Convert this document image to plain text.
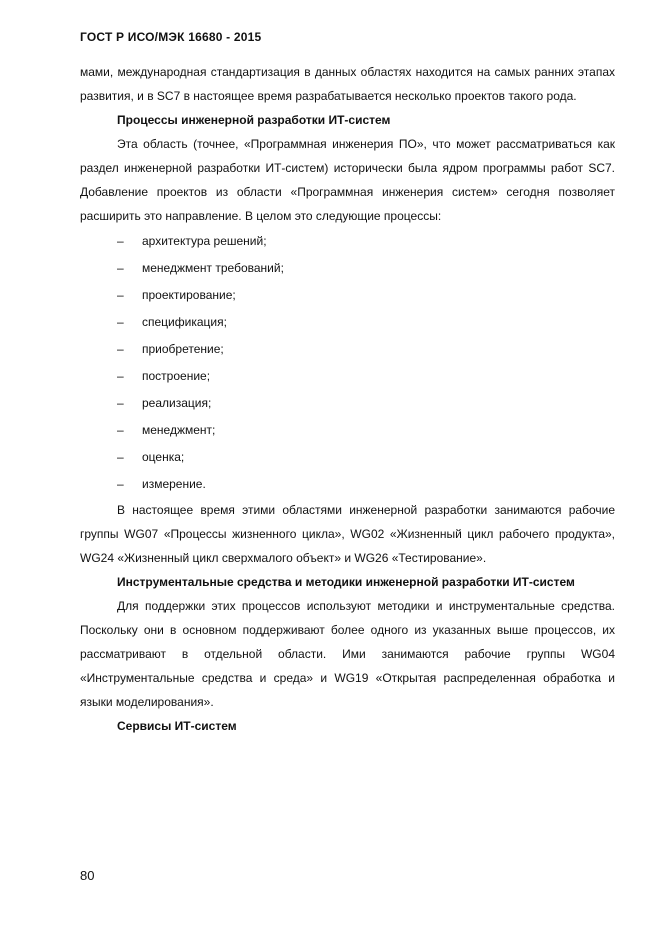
ГОСТ Р ИСО/МЭК 16680 - 2015

мами, международная стандартизация в данных областях находится на самых ранних этапах развития, и в SC7 в настоящее время разрабатывается несколько проектов такого рода.

Процессы инженерной разработки ИТ-систем

Эта область (точнее, «Программная инженерия ПО», что может рассматриваться как раздел инженерной разработки ИТ-систем) исторически была ядром программы работ SC7. Добавление проектов из области «Программная инженерия систем» сегодня позволяет расширить это направление. В целом это следующие процессы:

– архитектура решений;
– менеджмент требований;
– проектирование;
– спецификация;
– приобретение;
– построение;
– реализация;
– менеджмент;
– оценка;
– измерение.

В настоящее время этими областями инженерной разработки занимаются рабочие группы WG07 «Процессы жизненного цикла», WG02 «Жизненный цикл рабочего продукта», WG24 «Жизненный цикл сверхмалого объект» и WG26 «Тестирование».

Инструментальные средства и методики инженерной разработки ИТ-систем

Для поддержки этих процессов используют методики и инструментальные средства. Поскольку они в основном поддерживают более одного из указанных выше процессов, их рассматривают в отдельной области. Ими занимаются рабочие группы WG04 «Инструментальные средства и среда» и WG19 «Открытая распределенная обработка и языки моделирования».

Сервисы ИТ-систем

80
